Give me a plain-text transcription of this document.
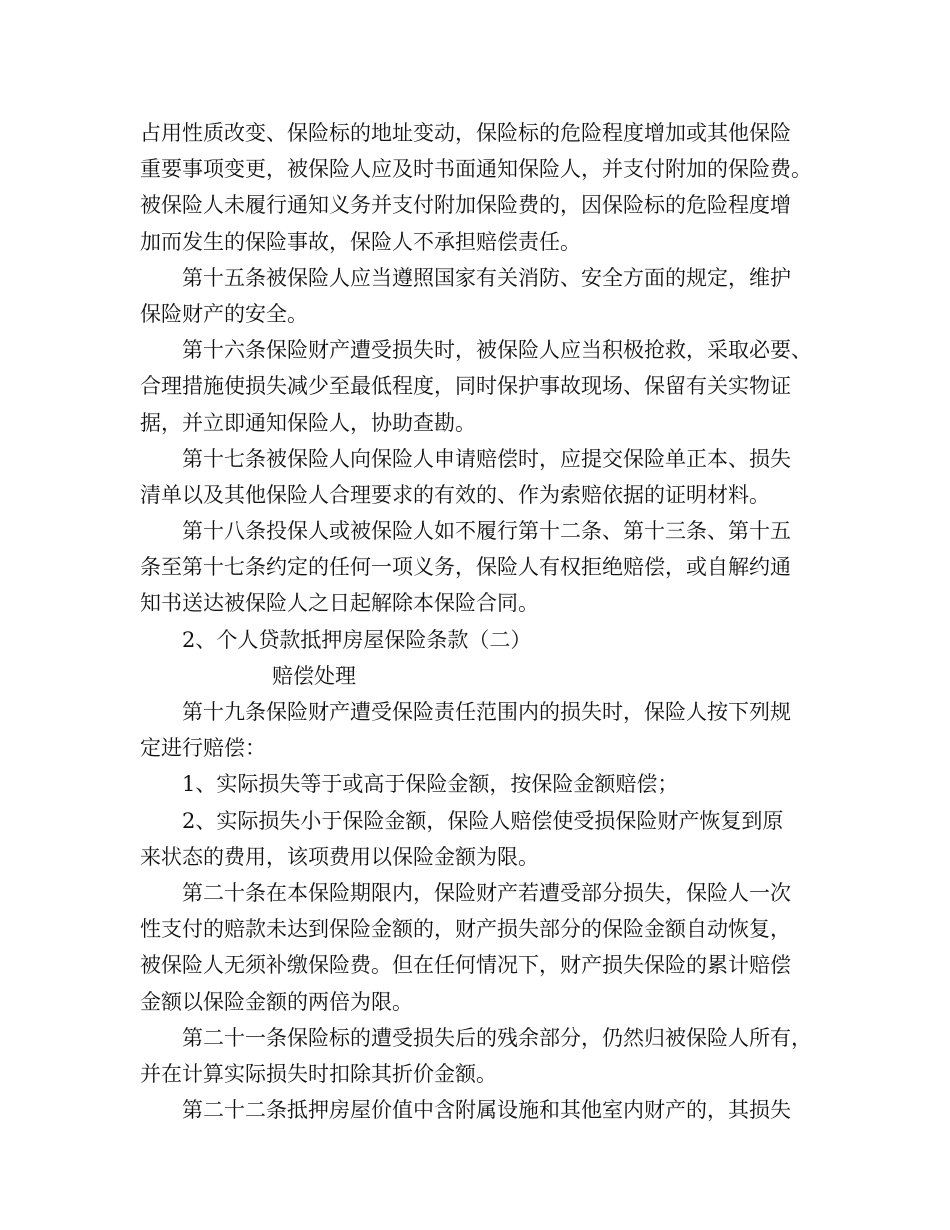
占用性质改变、保险标的地址变动，保险标的危险程度增加或其他保险
重要事项变更，被保险人应及时书面通知保险人，并支付附加的保险费。
被保险人未履行通知义务并支付附加保险费的，因保险标的危险程度增
加而发生的保险事故，保险人不承担赔偿责任。
第十五条被保险人应当遵照国家有关消防、安全方面的规定，维护
保险财产的安全。
第十六条保险财产遭受损失时，被保险人应当积极抢救，采取必要、
合理措施使损失减少至最低程度，同时保护事故现场、保留有关实物证
据，并立即通知保险人，协助查勘。
第十七条被保险人向保险人申请赔偿时，应提交保险单正本、损失
清单以及其他保险人合理要求的有效的、作为索赔依据的证明材料。
第十八条投保人或被保险人如不履行第十二条、第十三条、第十五
条至第十七条约定的任何一项义务，保险人有权拒绝赔偿，或自解约通
知书送达被保险人之日起解除本保险合同。
2、个人贷款抵押房屋保险条款（二）
赔偿处理
第十九条保险财产遭受保险责任范围内的损失时，保险人按下列规
定进行赔偿：
1、实际损失等于或高于保险金额，按保险金额赔偿；
2、实际损失小于保险金额，保险人赔偿使受损保险财产恢复到原
来状态的费用，该项费用以保险金额为限。
第二十条在本保险期限内，保险财产若遭受部分损失，保险人一次
性支付的赔款未达到保险金额的，财产损失部分的保险金额自动恢复，
被保险人无须补缴保险费。但在任何情况下，财产损失保险的累计赔偿
金额以保险金额的两倍为限。
第二十一条保险标的遭受损失后的残余部分，仍然归被保险人所有，
并在计算实际损失时扣除其折价金额。
第二十二条抵押房屋价值中含附属设施和其他室内财产的，其损失
